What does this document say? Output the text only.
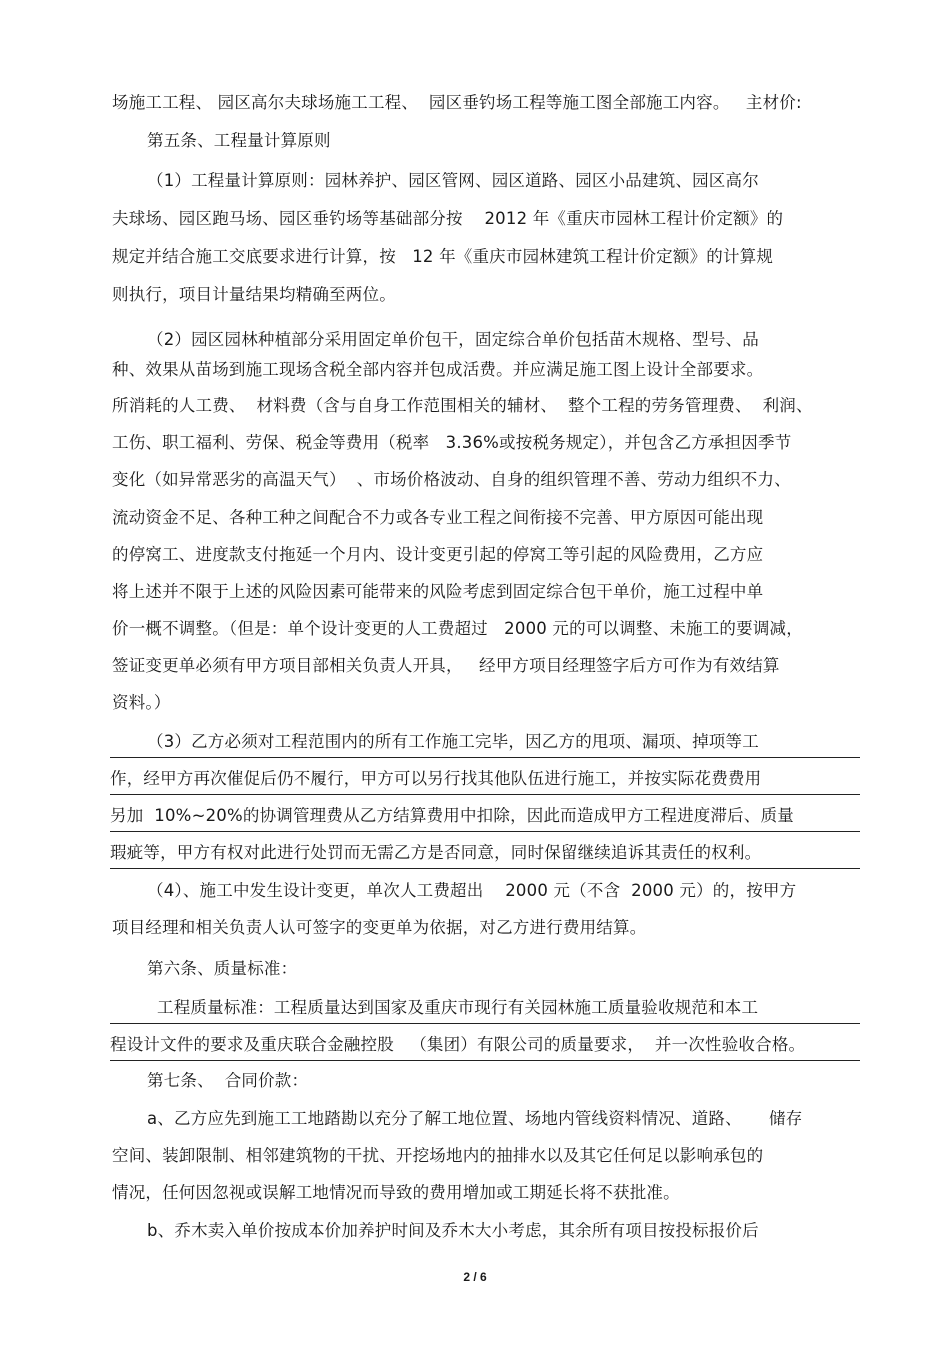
场施工工程、 园区高尔夫球场施工工程、  园区垂钓场工程等施工图全部施工内容。   主材价:
第五条、工程量计算原则
（1）工程量计算原则：园林养护、园区管网、园区道路、园区小品建筑、园区高尔
夫球场、园区跑马场、园区垂钓场等基础部分按    2012 年《重庆市园林工程计价定额》的
规定并结合施工交底要求进行计算，按   12 年《重庆市园林建筑工程计价定额》的计算规
则执行，项目计量结果均精确至两位。
（2）园区园林种植部分采用固定单价包干，固定综合单价包括苗木规格、型号、品
种、效果从苗场到施工现场含税全部内容并包成活费。并应满足施工图上设计全部要求。
所消耗的人工费、  材料费（含与自身工作范围相关的辅材、  整个工程的劳务管理费、  利润、
工伤、职工福利、劳保、税金等费用（税率   3.36%或按税务规定），并包含乙方承担因季节
变化（如异常恶劣的高温天气）  、市场价格波动、自身的组织管理不善、劳动力组织不力、
流动资金不足、各种工种之间配合不力或各专业工程之间衔接不完善、甲方原因可能出现
的停窝工、进度款支付拖延一个月内、设计变更引起的停窝工等引起的风险费用，乙方应
将上述并不限于上述的风险因素可能带来的风险考虑到固定综合包干单价，施工过程中单
价一概不调整。（但是：单个设计变更的人工费超过   2000 元的可以调整、未施工的要调减，
签证变更单必须有甲方项目部相关负责人开具，   经甲方项目经理签字后方可作为有效结算
资料。）
（3）乙方必须对工程范围内的所有工作施工完毕，因乙方的甩项、漏项、掉项等工
作，经甲方再次催促后仍不履行，甲方可以另行找其他队伍进行施工，并按实际花费费用
另加  10%~20%的协调管理费从乙方结算费用中扣除，因此而造成甲方工程进度滞后、质量
瑕疵等，甲方有权对此进行处罚而无需乙方是否同意，同时保留继续追诉其责任的权利。
（4）、施工中发生设计变更，单次人工费超出    2000 元（不含  2000 元）的，按甲方
项目经理和相关负责人认可签字的变更单为依据，对乙方进行费用结算。
第六条、质量标准：
工程质量标准：工程质量达到国家及重庆市现行有关园林施工质量验收规范和本工
程设计文件的要求及重庆联合金融控股   （集团）有限公司的质量要求，  并一次性验收合格。
第七条、  合同价款：
a、乙方应先到施工工地踏勘以充分了解工地位置、场地内管线资料情况、道路、     储存
空间、装卸限制、相邻建筑物的干扰、开挖场地内的抽排水以及其它任何足以影响承包的
情况，任何因忽视或误解工地情况而导致的费用增加或工期延长将不获批准。
b、乔木卖入单价按成本价加养护时间及乔木大小考虑，其余所有项目按投标报价后
2 / 6
